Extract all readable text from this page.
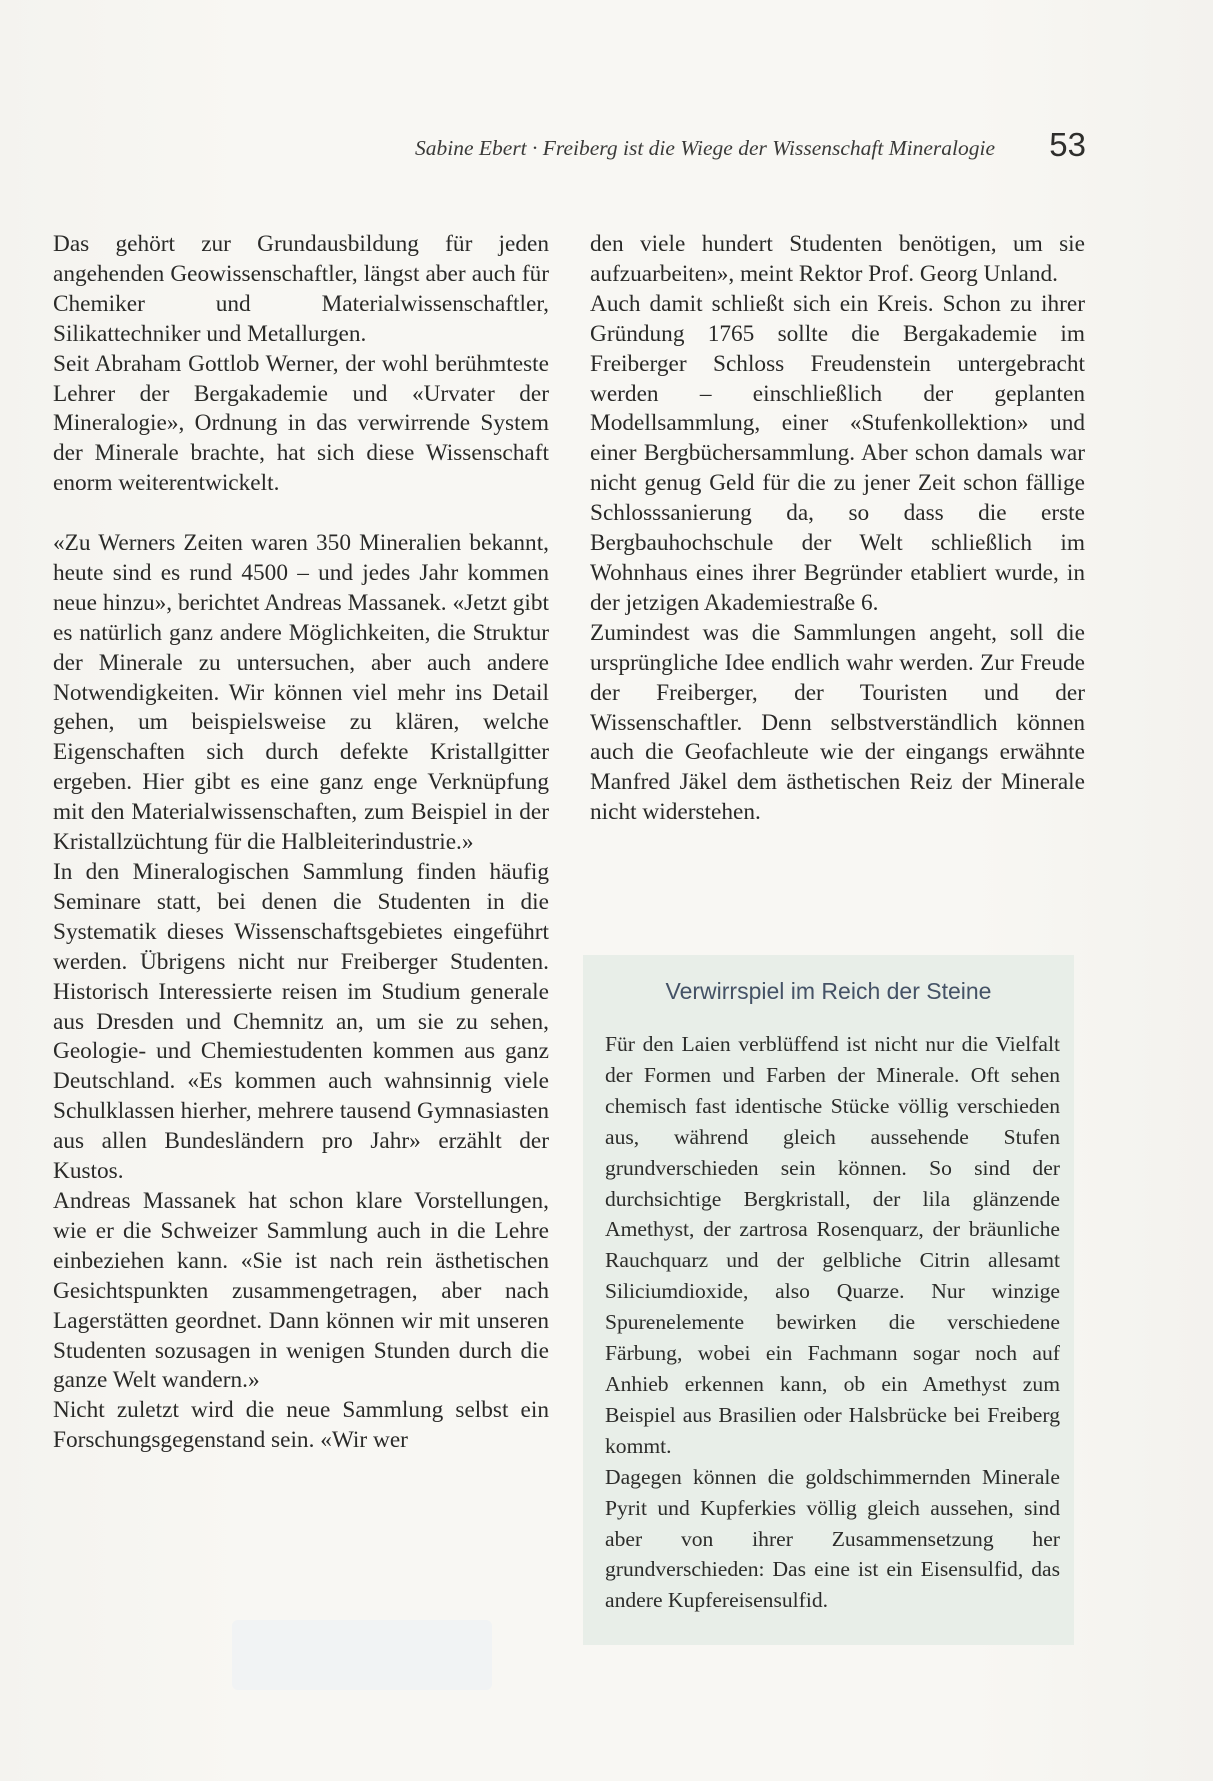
Sabine Ebert · Freiberg ist die Wiege der Wissenschaft Mineralogie 53

Das gehört zur Grundausbildung für jeden angehenden Geowissenschaftler, längst aber auch für Chemiker und Materialwissenschaftler, Silikattechniker und Metallurgen.

Seit Abraham Gottlob Werner, der wohl berühmteste Lehrer der Bergakademie und «Urvater der Mineralogie», Ordnung in das verwirrende System der Minerale brachte, hat sich diese Wissenschaft enorm weiterentwickelt.

«Zu Werners Zeiten waren 350 Mineralien bekannt, heute sind es rund 4500 – und jedes Jahr kommen neue hinzu», berichtet Andreas Massanek. «Jetzt gibt es natürlich ganz andere Möglichkeiten, die Struktur der Minerale zu untersuchen, aber auch andere Notwendigkeiten. Wir können viel mehr ins Detail gehen, um beispielsweise zu klären, welche Eigenschaften sich durch defekte Kristallgitter ergeben. Hier gibt es eine ganz enge Verknüpfung mit den Materialwissenschaften, zum Beispiel in der Kristallzüchtung für die Halbleiterindustrie.»

In den Mineralogischen Sammlung finden häufig Seminare statt, bei denen die Studenten in die Systematik dieses Wissenschaftsgebietes eingeführt werden. Übrigens nicht nur Freiberger Studenten. Historisch Interessierte reisen im Studium generale aus Dresden und Chemnitz an, um sie zu sehen, Geologie- und Chemiestudenten kommen aus ganz Deutschland. «Es kommen auch wahnsinnig viele Schulklassen hierher, mehrere tausend Gymnasiasten aus allen Bundesländern pro Jahr» erzählt der Kustos.

Andreas Massanek hat schon klare Vorstellungen, wie er die Schweizer Sammlung auch in die Lehre einbeziehen kann. «Sie ist nach rein ästhetischen Gesichtspunkten zusammengetragen, aber nach Lagerstätten geordnet. Dann können wir mit unseren Studenten sozusagen in wenigen Stunden durch die ganze Welt wandern.»

Nicht zuletzt wird die neue Sammlung selbst ein Forschungsgegenstand sein. «Wir wer

den viele hundert Studenten benötigen, um sie aufzuarbeiten», meint Rektor Prof. Georg Unland.

Auch damit schließt sich ein Kreis. Schon zu ihrer Gründung 1765 sollte die Bergakademie im Freiberger Schloss Freudenstein untergebracht werden – einschließlich der geplanten Modellsammlung, einer «Stufenkollektion» und einer Bergbüchersammlung. Aber schon damals war nicht genug Geld für die zu jener Zeit schon fällige Schlosssanierung da, so dass die erste Bergbauhochschule der Welt schließlich im Wohnhaus eines ihrer Begründer etabliert wurde, in der jetzigen Akademiestraße 6.

Zumindest was die Sammlungen angeht, soll die ursprüngliche Idee endlich wahr werden. Zur Freude der Freiberger, der Touristen und der Wissenschaftler. Denn selbstverständlich können auch die Geofachleute wie der eingangs erwähnte Manfred Jäkel dem ästhetischen Reiz der Minerale nicht widerstehen.

Verwirrspiel im Reich der Steine

Für den Laien verblüffend ist nicht nur die Vielfalt der Formen und Farben der Minerale. Oft sehen chemisch fast identische Stücke völlig verschieden aus, während gleich aussehende Stufen grundverschieden sein können. So sind der durchsichtige Bergkristall, der lila glänzende Amethyst, der zartrosa Rosenquarz, der bräunliche Rauchquarz und der gelbliche Citrin allesamt Siliciumdioxide, also Quarze. Nur winzige Spurenelemente bewirken die verschiedene Färbung, wobei ein Fachmann sogar noch auf Anhieb erkennen kann, ob ein Amethyst zum Beispiel aus Brasilien oder Halsbrücke bei Freiberg kommt.

Dagegen können die goldschimmernden Minerale Pyrit und Kupferkies völlig gleich aussehen, sind aber von ihrer Zusammensetzung her grundverschieden: Das eine ist ein Eisensulfid, das andere Kupfereisensulfid.
